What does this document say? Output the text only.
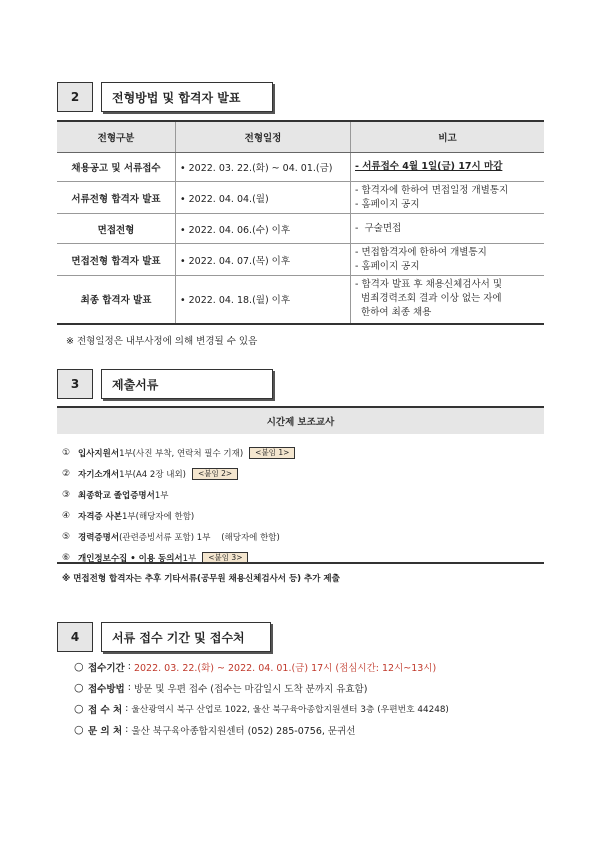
2	전형방법 및 합격자 발표
전형구분	전형일정	비고
채용공고 및 서류접수	• 2022. 03. 22.(화) ~ 04. 01.(금)	- 서류접수 4월 1일(금) 17시 마감

서류전형 합격자 발표	• 2022. 04. 04.(월)	- 합격자에 한하여 면접일정 개별통지
- 홈페이지 공지

면접전형	• 2022. 04. 06.(수) 이후	-  구술면접

면접전형 합격자 발표	• 2022. 04. 07.(목) 이후	- 면접합격자에 한하여 개별통지
- 홈페이지 공지

최종 합격자 발표	• 2022. 04. 18.(월) 이후	- 합격자 발표 후 채용신체검사서 및
범죄경력조회 결과 이상 없는 자에
한하여 최종 채용
※ 전형일정은 내부사정에 의해 변경될 수 있음
3	제출서류
시간제 보조교사
① 입사지원서 1부(사진 부착, 연락처 필수 기재)	<붙임 1>
② 자기소개서 1부(A4 2장 내외)	<붙임 2>
③ 최종학교 졸업증명서 1부
④ 자격증 사본 1부(해당자에 한함)
⑤ 경력증명서 (관련증빙서류 포함) 1부    (해당자에 한함)
⑥ 개인정보수집 • 이용 동의서 1부	<붙임 3>
※ 면접전형 합격자는 추후 기타서류(공무원 채용신체검사서 등) 추가 제출
4	서류 접수 기간 및 접수처
○ 접수기간 : 2022. 03. 22.(화) ~ 2022. 04. 01.(금) 17시 (점심시간: 12시~13시)
○ 접수방법 : 방문 및 우편 접수 (접수는 마감일시 도착 분까지 유효함)
○ 접 수 처 : 울산광역시 북구 산업로 1022, 울산 북구육아종합지원센터 3층 (우편번호 44248)
○ 문 의 처 : 울산 북구육아종합지원센터 (052) 285-0756, 문귀선
